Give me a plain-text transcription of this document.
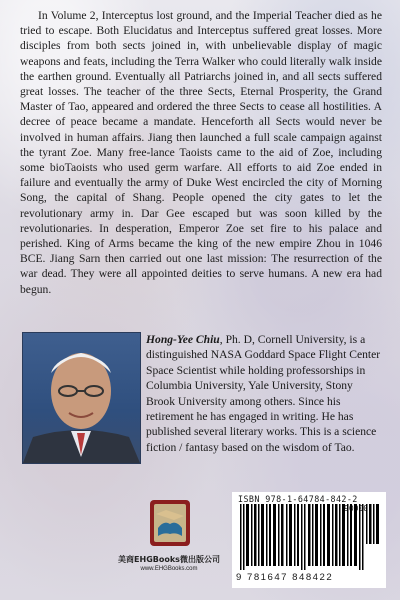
In Volume 2, Interceptus lost ground, and the Imperial Teacher died as he tried to escape. Both Elucidatus and Interceptus suffered great losses. More disciples from both sects joined in, with unbelievable display of magic weapons and feats, including the Terra Walker who could literally walk inside the earthen ground. Eventually all Patriarchs joined in, and all sects suffered great losses. The teacher of the three Sects, Eternal Prosperity, the Grand Master of Tao, appeared and ordered the three Sects to cease all hostilities. A decree of peace became a mandate. Henceforth all Sects would never be involved in human affairs. Jiang then launched a full scale campaign against the tyrant Zoe. Many free-lance Taoists came to the aid of Zoe, including some bioTaoists who used germ warfare. All efforts to aid Zoe ended in failure and eventually the army of Duke West encircled the city of Morning Song, the capital of Shang. People opened the city gates to let the revolutionary army in. Dar Gee escaped but was soon killed by the revolutionaries. In desperation, Emperor Zoe set fire to his palace and perished. King of Arms became the king of the new empire Zhou in 1046 BCE. Jiang Sarn then carried out one last mission: The resurrection of the war dead. They were all appointed deities to serve humans. A new era had begun.

Hong-Yee Chiu, Ph. D, Cornell University, is a distinguished NASA Goddard Space Flight Center Space Scientist while holding professorships in Columbia University, Yale University, Stony Brook University among others. Since his retirement he has engaged in writing. He has published several literary works. This is a science fiction / fantasy based on the wisdom of Tao.

美商EHGBooks微出版公司
www.EHGBooks.com
ISBN 978-1-64784-842-2
9 781647 848422
